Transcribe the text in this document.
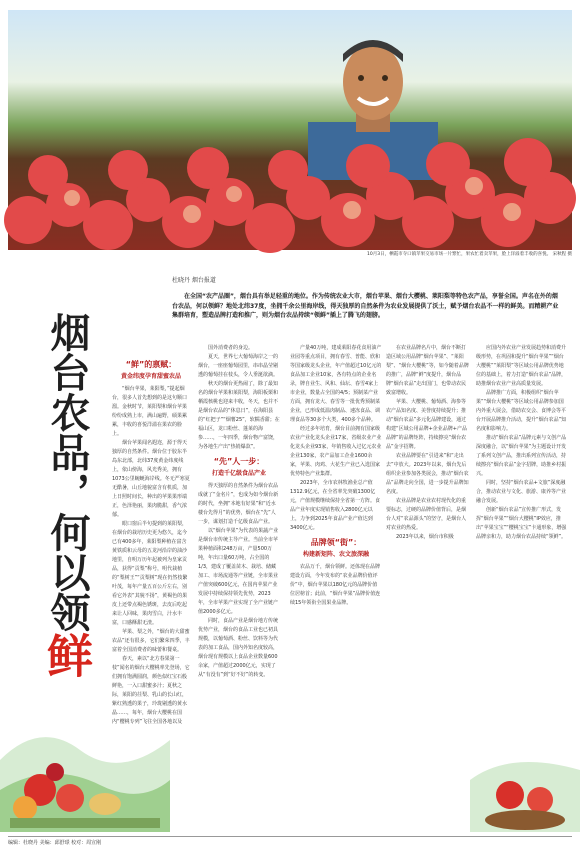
10月3日，栖霞市寺口镇苹果交易市场一片繁忙，果农忙着卖苹果，脸上洋溢着丰收的喜悦。 宋秋程 摄
杜晓丹 烟台报道
在全国“农产品圈”，烟台具有举足轻重的地位。作为传统农业大市，烟台苹果、烟台大樱桃、莱阳梨等特色农产品，享誉全国。声名在外的烟台农品，何以领鲜？地处北纬37度，坐拥千余公里海岸线，得天独厚的自然条件为农业发展提供了沃土，赋予烟台农品不一样的鲜美。而精耕产业集群培育，塑造品牌打造和推广，则为烟台农品持续“领鲜”插上了腾飞的翅膀。
烟台农品，何以领鲜
“鲜”的禀赋：
黄金纬度孕育甜蜜农品

“烟台苹果，莱阳梨，”提起烟台，很多人首先想到的是这句顺口溜。金秋时节，莱阳梨和烟台苹果纷纷成熟上市，满山遍野，硕果累累，丰收的喜悦洋溢在果农的脸上。

烟台苹果闻名遐迩，源于得天独厚的自然条件。烟台位于胶东半岛东北部，北纬37度黄金纬度线上，依山傍海，风光秀美，拥有1073公里蜿蜒海岸线。冬无严寒夏无酷暑，山丘地貌富含有机质，加上日照时间长，种出的苹果果形端正，色泽艳丽，果肉脆甜，香气浓郁。

眼口窗后半句提到的莱阳梨，在烟台的栽培历史更为悠久，迄今已有400多年，莱阳梨种植在富含黄铁质和云母的五龙河沿岸的油沙地里，自明万历年起被列为皇家贡品，获得“贡梨”称号，明代栽植的“梨树王”“贡梨树”现在仍然枝繁叶茂，每年产量五百公斤左右，别看它外表“其貌不扬”，黄褐色的果皮上还带点褐色锈斑，去皮后吃起来让人回味，果肉雪白，汁水丰富，口感酥甜无渣。

苹果、梨之外，“烟台的大甜蜜农品”还有很多，它们繁荣四季，丰富着全国消费者的味蕾和餐桌。

春天，素以“北方春果第一枝”闻名的烟台大樱桃率先登场，它们拥有饱满圆润，颜色似红宝石般鲜艳，一入口甜蜜多汁；夏秋之际，莱阳的茌梨、乳山的长山红，紫红熟透的果子，玲珑剔透的黄水晶……，每年，烟台大樱桃在国内“樱桃专列”飞往全国各地以及

国外消费者的身边。

夏天，世界七大葡萄海岸之一的烟台，一座座葡萄园里，串串晶莹剔透的葡萄挂在枝头，令人垂涎欲滴。

秋天的烟台更热闹了，除了最知名的烟台苹果和莱阳梨，海阳板栗和栖霞核桃也迎来丰收，冬天，也并不是烟台农品的“休息日”，在海阳县的“红把子”“烟薯25”，软糯香甜；在福山区，龙口粉丝、蓬莱的海参……，一年四季，烟台物产富饶，为各地生产出“热销爆款”。

“先”人一步：
打造千亿级食品产业

得天独厚的自然条件为烟台农品成就了“金名片”，也成为如今烟台新的时代，坐拥“本地有好果”和“近水楼台先得月”的优势，烟台在“先”人一步，谋划打造千亿级食品产业。

以“烟台苹果”为代表的果蔬产业是烟台市传统主导产业。当前全市苹果种植面积248万亩，产量500万吨，年出口量60万吨，占全国的1/3，建成了覆盖苗木、栽培、储藏加工、市场流通等产业链，全市果业产值突破600亿元，在国内苹果产业发展中持续保持领先优势，2023年，全市苹果产业实现了全产业链产值2000多亿元。

同时，食品产业是烟台地方传统优势产业，烟台的食品工业也已初具规模，以葡萄酒、粉丝、饮料等为代表的加工食品，国内外知名度较高，烟台现有规模以上食品企业数量600余家，产值超过2000亿元，实现了从“有没有”到“好不好”的转变。

产量40万吨，建成莱阳春花食用油产业园等重点项目，拥有春雪、普能、欣和等国家级龙头企业，年产值超过10亿元的食品加工企业10家，各有特点的企业名录，牌自业生、风和、仙坛、春雪4家上市企业，数量占全国的4/5；预制菜产业方面，拥有龙大、春雪等一批优秀预制菜企业，已形成低温肉制品、速冻食品、调理食品等30多个大类，400多个品种。

经过多年培育，烟台目前拥有国家级农业产业化龙头企业17家，省级农业产业化龙头企业93家，年销售收入过亿元农业企业130家，农产品加工企业1600余家，苹果、肉鸡、大花生产业已入选国家优势特色产业集群。

2023年，全市农林牧渔业总产值1312.9亿元，在全省率先突破1300亿元，产值规模继续保持全省第一方阵。食品产业年度实现销售收入2800亿元以上，力争到2025年食品产业产值达到3400亿元。

品牌领“街”：
构建新矩阵、农文旅深融

农品万千，烟台领鲜。还体现在品牌建设方面，今年发布的“农业品牌价值评价”中，烟台苹果以180亿元的品牌价值位居榜首；此前，“烟台苹果”品牌价值连续15年领衔全国果业品牌。

在农业品牌名片中，烟台不断打造区域公用品牌“烟台苹果”、“莱阳梨”、“烟台大樱桃”等，如今随着品牌的推广，品牌“鲜”度提升，烟台品牌“烟台农品”走出国门，也带动农民致富增收。

苹果、大樱桃、葡萄酒、海参等农产品知名度、美誉度持续提升；推动“烟台农品”多元化品牌建设，通过构建“区域公用品牌+企业品牌+产品品牌”的品牌矩阵，持续擦亮“烟台农品”金字招牌。

农业品牌要在“引进来”和“走出去”中放大。2023年以来，烟台先后组织企业参加各类展会，推动“烟台农品”品牌走向全国，进一步提升品牌知名度。

农业品牌是农业农村现代化的重要标志，过硬的品牌价值背后，是烟台人对“农品源头”的坚守，是烟台人对农业的热爱。

2023年以来，烟台市积极

应国内外农业产业发展趋势和消费升级形势，在巩固和提升“烟台苹果”“烟台大樱桃”“莱阳梨”等区域公用品牌优势地位的基础上，着力打造“烟台农品”品牌，助推烟台农业产业高质量发展。

品牌推广方面，积极组织“烟台苹果”“烟台大樱桃”等区域公用品牌参加国内外重大展会，借助农交会、食博会等平台开展品牌推介活动，提升“烟台农品”知名度和影响力。

推动“烟台农品”品牌元素与文创产品深度融合，以“烟台苹果”为主题设计开发了系列文创产品，推出系列宣传活动，持续擦亮“烟台农品”金字招牌，助推乡村振兴。

同时，坚持“烟台农品+文旅”深度融合，推动农业与文化、旅游、康养等产业融合发展。

创新“烟台农品”宣传推广形式，发挥“烟台苹果”“烟台大樱桃”IP效应，推出“苹果宝宝”“樱桃宝宝”卡通形象，增强品牌亲和力，助力烟台农品持续“领鲜”。

编辑：杜晓丹 美编：邱舒璟 校对：周宣刚
